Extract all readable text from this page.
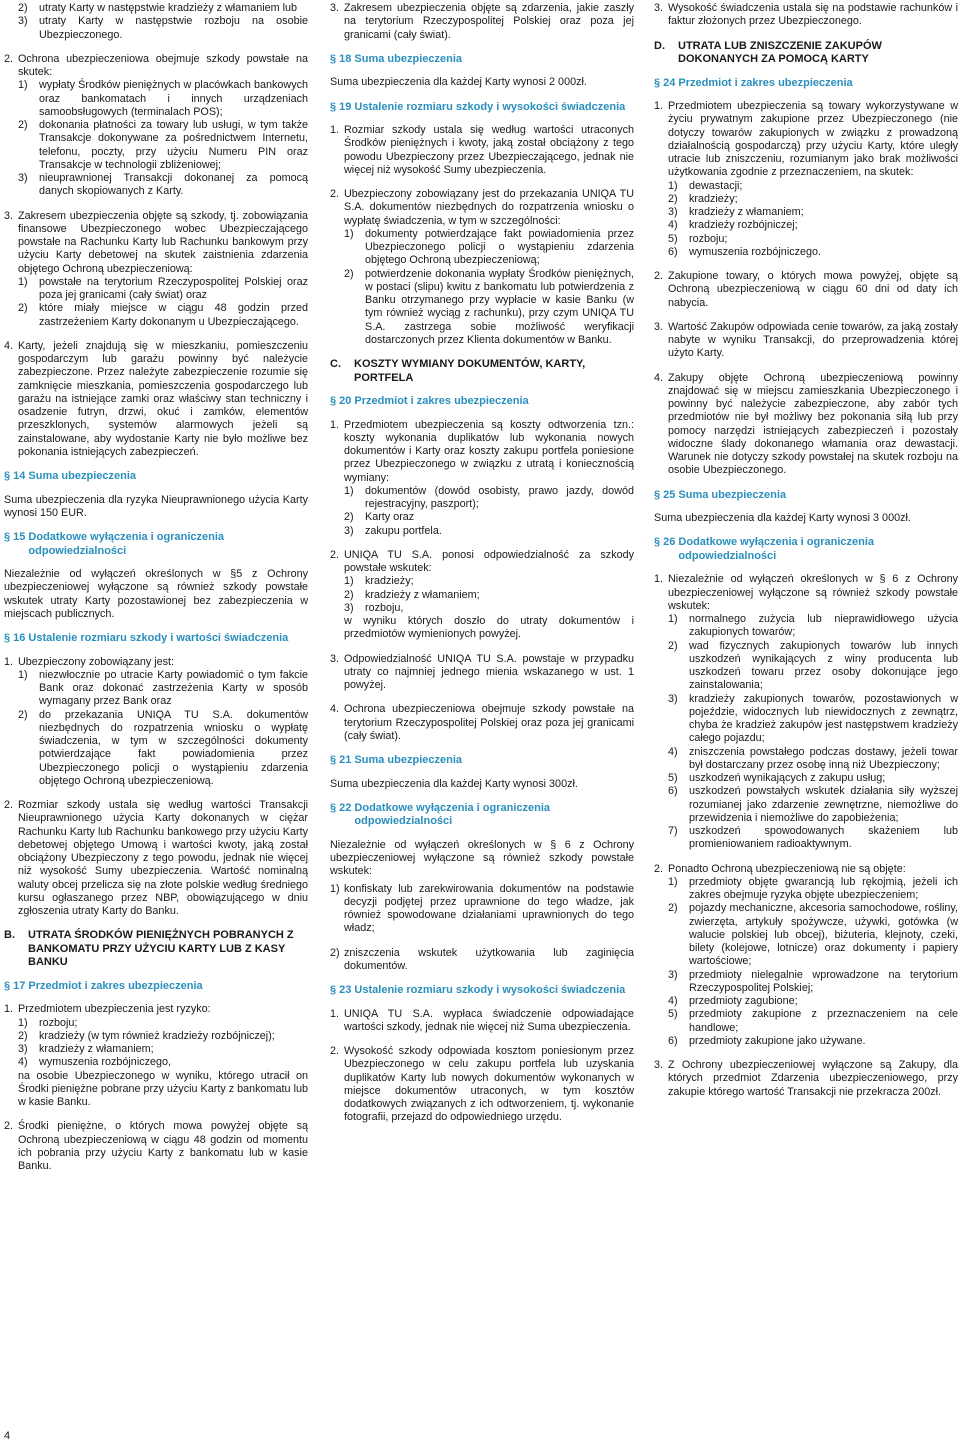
2) utraty Karty w następstwie kradzieży z włamaniem lub
3) utraty Karty w następstwie rozboju na osobie Ubezpieczonego.
2. Ochrona ubezpieczeniowa obejmuje szkody powstałe na skutek:
1) wypłaty Środków pieniężnych w placówkach bankowych oraz bankomatach i innych urządzeniach samoobsługowych (terminalach POS);
2) dokonania płatności za towary lub usługi, w tym także Transakcje dokonywane za pośrednictwem Internetu, telefonu, poczty, przy użyciu Numeru PIN oraz Transakcje w technologii zbliżeniowej;
3) nieuprawnionej Transakcji dokonanej za pomocą danych skopiowanych z Karty.
3. Zakresem ubezpieczenia objęte są szkody, tj. zobowiązania finansowe Ubezpieczonego wobec Ubezpieczającego powstałe na Rachunku Karty lub Rachunku bankowym przy użyciu Karty debetowej na skutek zaistnienia zdarzenia objętego Ochroną ubezpieczeniową:
1) powstałe na terytorium Rzeczypospolitej Polskiej oraz poza jej granicami (cały świat) oraz
2) które miały miejsce w ciągu 48 godzin przed zastrzeżeniem Karty dokonanym u Ubezpieczającego.
4. Karty, jeżeli znajdują się w mieszkaniu, pomieszczeniu gospodarczym lub garażu powinny być należycie zabezpieczone. Przez należyte zabezpieczenie rozumie się zamknięcie mieszkania, pomieszczenia gospodarczego lub garażu na istniejące zamki oraz właściwy stan techniczny i osadzenie futryn, drzwi, okuć i zamków, elementów przeszklonych, systemów alarmowych jeżeli są zainstalowane, aby wydostanie Karty nie było możliwe bez pokonania istniejących zabezpieczeń.
§ 14 Suma ubezpieczenia

Suma ubezpieczenia dla ryzyka Nieuprawnionego użycia Karty wynosi 150 EUR.

§ 15 Dodatkowe wyłączenia i ograniczenia odpowiedzialności

Niezależnie od wyłączeń określonych w §5 z Ochrony ubezpieczeniowej wyłączone są również szkody powstałe wskutek utraty Karty pozostawionej bez zabezpieczenia w miejscach publicznych.

§ 16 Ustalenie rozmiaru szkody i wartości świadczenia
1. Ubezpieczony zobowiązany jest:
1) niezwłocznie po utracie Karty powiadomić o tym fakcie Bank oraz dokonać zastrzeżenia Karty w sposób wymagany przez Bank oraz
2) do przekazania UNIQA TU S.A. dokumentów niezbędnych do rozpatrzenia wniosku o wypłatę świadczenia, w tym w szczególności dokumenty potwierdzające fakt powiadomienia przez Ubezpieczonego policji o wystąpieniu zdarzenia objętego Ochroną ubezpieczeniową.
2. Rozmiar szkody ustala się według wartości Transakcji Nieuprawnionego użycia Karty dokonanych w ciężar Rachunku Karty lub Rachunku bankowego przy użyciu Karty debetowej objętego Umową i wartości kwoty, jaką został obciążony Ubezpieczony z tego powodu, jednak nie więcej niż wysokość Sumy ubezpieczenia. Wartość nominalną waluty obcej przelicza się na złote polskie według średniego kursu ogłaszanego przez NBP, obowiązującego w dniu zgłoszenia utraty Karty do Banku.
B.	UTRATA ŚRODKÓW PIENIĘŻNYCH POBRANYCH Z BANKOMATU PRZY UŻYCIU KARTY LUB Z KASY BANKU
§ 17 Przedmiot i zakres ubezpieczenia
1. Przedmiotem ubezpieczenia jest ryzyko:
1) rozboju;
2) kradzieży (w tym również kradzieży rozbójniczej);
3) kradzieży z włamaniem;
4) wymuszenia rozbójniczego,
na osobie Ubezpieczonego w wyniku, którego utracił on Środki pieniężne pobrane przy użyciu Karty z bankomatu lub w kasie Banku.
2. Środki pieniężne, o których mowa powyżej objęte są Ochroną ubezpieczeniową w ciągu 48 godzin od momentu ich pobrania przy użyciu Karty z bankomatu lub w kasie Banku.
3. Zakresem ubezpieczenia objęte są zdarzenia, jakie zaszły na terytorium Rzeczypospolitej Polskiej oraz poza jej granicami (cały świat).
§ 18 Suma ubezpieczenia

Suma ubezpieczenia dla każdej Karty wynosi 2 000zł.

§ 19 Ustalenie rozmiaru szkody i wysokości świadczenia
1. Rozmiar szkody ustala się według wartości utraconych Środków pieniężnych i kwoty, jaką został obciążony z tego powodu Ubezpieczony przez Ubezpieczającego, jednak nie więcej niż wysokość Sumy ubezpieczenia.
2. Ubezpieczony zobowiązany jest do przekazania UNIQA TU S.A. dokumentów niezbędnych do rozpatrzenia wniosku o wypłatę świadczenia, w tym w szczególności:
1) dokumenty potwierdzające fakt powiadomienia przez Ubezpieczonego policji o wystąpieniu zdarzenia objętego Ochroną ubezpieczeniową;
2) potwierdzenie dokonania wypłaty Środków pieniężnych, w postaci (slipu) kwitu z bankomatu lub potwierdzenia z Banku otrzymanego przy wypłacie w kasie Banku (w tym również wyciąg z rachunku), przy czym UNIQA TU S.A. zastrzega sobie możliwość weryfikacji dostarczonych przez Klienta dokumentów w Banku.
C.	KOSZTY WYMIANY DOKUMENTÓW, KARTY, PORTFELA
§ 20 Przedmiot i zakres ubezpieczenia
1. Przedmiotem ubezpieczenia są koszty odtworzenia tzn.: koszty wykonania duplikatów lub wykonania nowych dokumentów i Karty oraz koszty zakupu portfela poniesione przez Ubezpieczonego w związku z utratą i koniecznością wymiany:
1) dokumentów (dowód osobisty, prawo jazdy, dowód rejestracyjny, paszport);
2) Karty oraz
3) zakupu portfela.
2. UNIQA TU S.A. ponosi odpowiedzialność za szkody powstałe wskutek:
1) kradzieży;
2) kradzieży z włamaniem;
3) rozboju,
w wyniku których doszło do utraty dokumentów i przedmiotów wymienionych powyżej.
3. Odpowiedzialność UNIQA TU S.A. powstaje w przypadku utraty co najmniej jednego mienia wskazanego w ust. 1 powyżej.
4. Ochrona ubezpieczeniowa obejmuje szkody powstałe na terytorium Rzeczypospolitej Polskiej oraz poza jej granicami (cały świat).
§ 21 Suma ubezpieczenia

Suma ubezpieczenia dla każdej Karty wynosi 300zł.

§ 22 Dodatkowe wyłączenia i ograniczenia odpowiedzialności

Niezależnie od wyłączeń określonych w § 6 z Ochrony ubezpieczeniowej wyłączone są również szkody powstałe wskutek:

1) konfiskaty lub zarekwirowania dokumentów na podstawie decyzji podjętej przez uprawnione do tego władze, jak również spowodowane działaniami uprawnionych do tego władz;
2) zniszczenia wskutek użytkowania lub zaginięcia dokumentów.
§ 23 Ustalenie rozmiaru szkody i wysokości świadczenia
1. UNIQA TU S.A. wypłaca świadczenie odpowiadające wartości szkody, jednak nie więcej niż Suma ubezpieczenia.
2. Wysokość szkody odpowiada kosztom poniesionym przez Ubezpieczonego w celu zakupu portfela lub uzyskania duplikatów Karty lub nowych dokumentów wykonanych w miejsce dokumentów utraconych, w tym kosztów dodatkowych związanych z ich odtworzeniem, tj. wykonanie fotografii, przejazd do odpowiedniego urzędu.
3. Wysokość świadczenia ustala się na podstawie rachunków i faktur złożonych przez Ubezpieczonego.
D.	UTRATA LUB ZNISZCZENIE ZAKUPÓW DOKONANYCH ZA POMOCĄ KARTY
§ 24 Przedmiot i zakres ubezpieczenia
1. Przedmiotem ubezpieczenia są towary wykorzystywane w życiu prywatnym zakupione przez Ubezpieczonego (nie dotyczy towarów zakupionych w związku z prowadzoną działalnością gospodarczą) przy użyciu Karty, które uległy utracie lub zniszczeniu, rozumianym jako brak możliwości użytkowania zgodnie z przeznaczeniem, na skutek:
1) dewastacji;
2) kradzieży;
3) kradzieży z włamaniem;
4) kradzieży rozbójniczej;
5) rozboju;
6) wymuszenia rozbójniczego.
2. Zakupione towary, o których mowa powyżej, objęte są Ochroną ubezpieczeniową w ciągu 60 dni od daty ich nabycia.
3. Wartość Zakupów odpowiada cenie towarów, za jaką zostały nabyte w wyniku Transakcji, do przeprowadzenia której użyto Karty.
4. Zakupy objęte Ochroną ubezpieczeniową powinny znajdować się w miejscu zamieszkania Ubezpieczonego i powinny być należycie zabezpieczone, aby zabór tych przedmiotów nie był możliwy bez pokonania siłą lub przy pomocy narzędzi istniejących zabezpieczeń i pozostały widoczne ślady dokonanego włamania oraz dewastacji. Warunek nie dotyczy szkody powstałej na skutek rozboju na osobie Ubezpieczonego.
§ 25 Suma ubezpieczenia

Suma ubezpieczenia dla każdej Karty wynosi 3 000zł.

§ 26 Dodatkowe wyłączenia i ograniczenia odpowiedzialności
1. Niezależnie od wyłączeń określonych w § 6 z Ochrony ubezpieczeniowej wyłączone są również szkody powstałe wskutek:
1) normalnego zużycia lub nieprawidłowego użycia zakupionych towarów;
2) wad fizycznych zakupionych towarów lub innych uszkodzeń wynikających z winy producenta lub uszkodzeń towaru przez osoby dokonujące jego zainstalowania;
3) kradzieży zakupionych towarów, pozostawionych w pojeździe, widocznych lub niewidocznych z zewnątrz, chyba że kradzież zakupów jest następstwem kradzieży całego pojazdu;
4) zniszczenia powstałego podczas dostawy, jeżeli towar był dostarczany przez osobę inną niż Ubezpieczony;
5) uszkodzeń wynikających z zakupu usług;
6) uszkodzeń powstałych wskutek działania siły wyższej rozumianej jako zdarzenie zewnętrzne, niemożliwe do przewidzenia i niemożliwe do zapobieżenia;
7) uszkodzeń spowodowanych skażeniem lub promieniowaniem radioaktywnym.
2. Ponadto Ochroną ubezpieczeniową nie są objęte:
1) przedmioty objęte gwarancją lub rękojmią, jeżeli ich zakres obejmuje ryzyka objęte ubezpieczeniem;
2) pojazdy mechaniczne, akcesoria samochodowe, rośliny, zwierzęta, artykuły spożywcze, używki, gotówka (w walucie polskiej lub obcej), biżuteria, klejnoty, czeki, bilety (kolejowe, lotnicze) oraz dokumenty i papiery wartościowe;
3) przedmioty nielegalnie wprowadzone na terytorium Rzeczypospolitej Polskiej;
4) przedmioty zagubione;
5) przedmioty zakupione z przeznaczeniem na cele handlowe;
6) przedmioty zakupione jako używane.
3. Z Ochrony ubezpieczeniowej wyłączone są Zakupy, dla których przedmiot Zdarzenia ubezpieczeniowego, przy zakupie którego wartość Transakcji nie przekracza 200zł.
4
